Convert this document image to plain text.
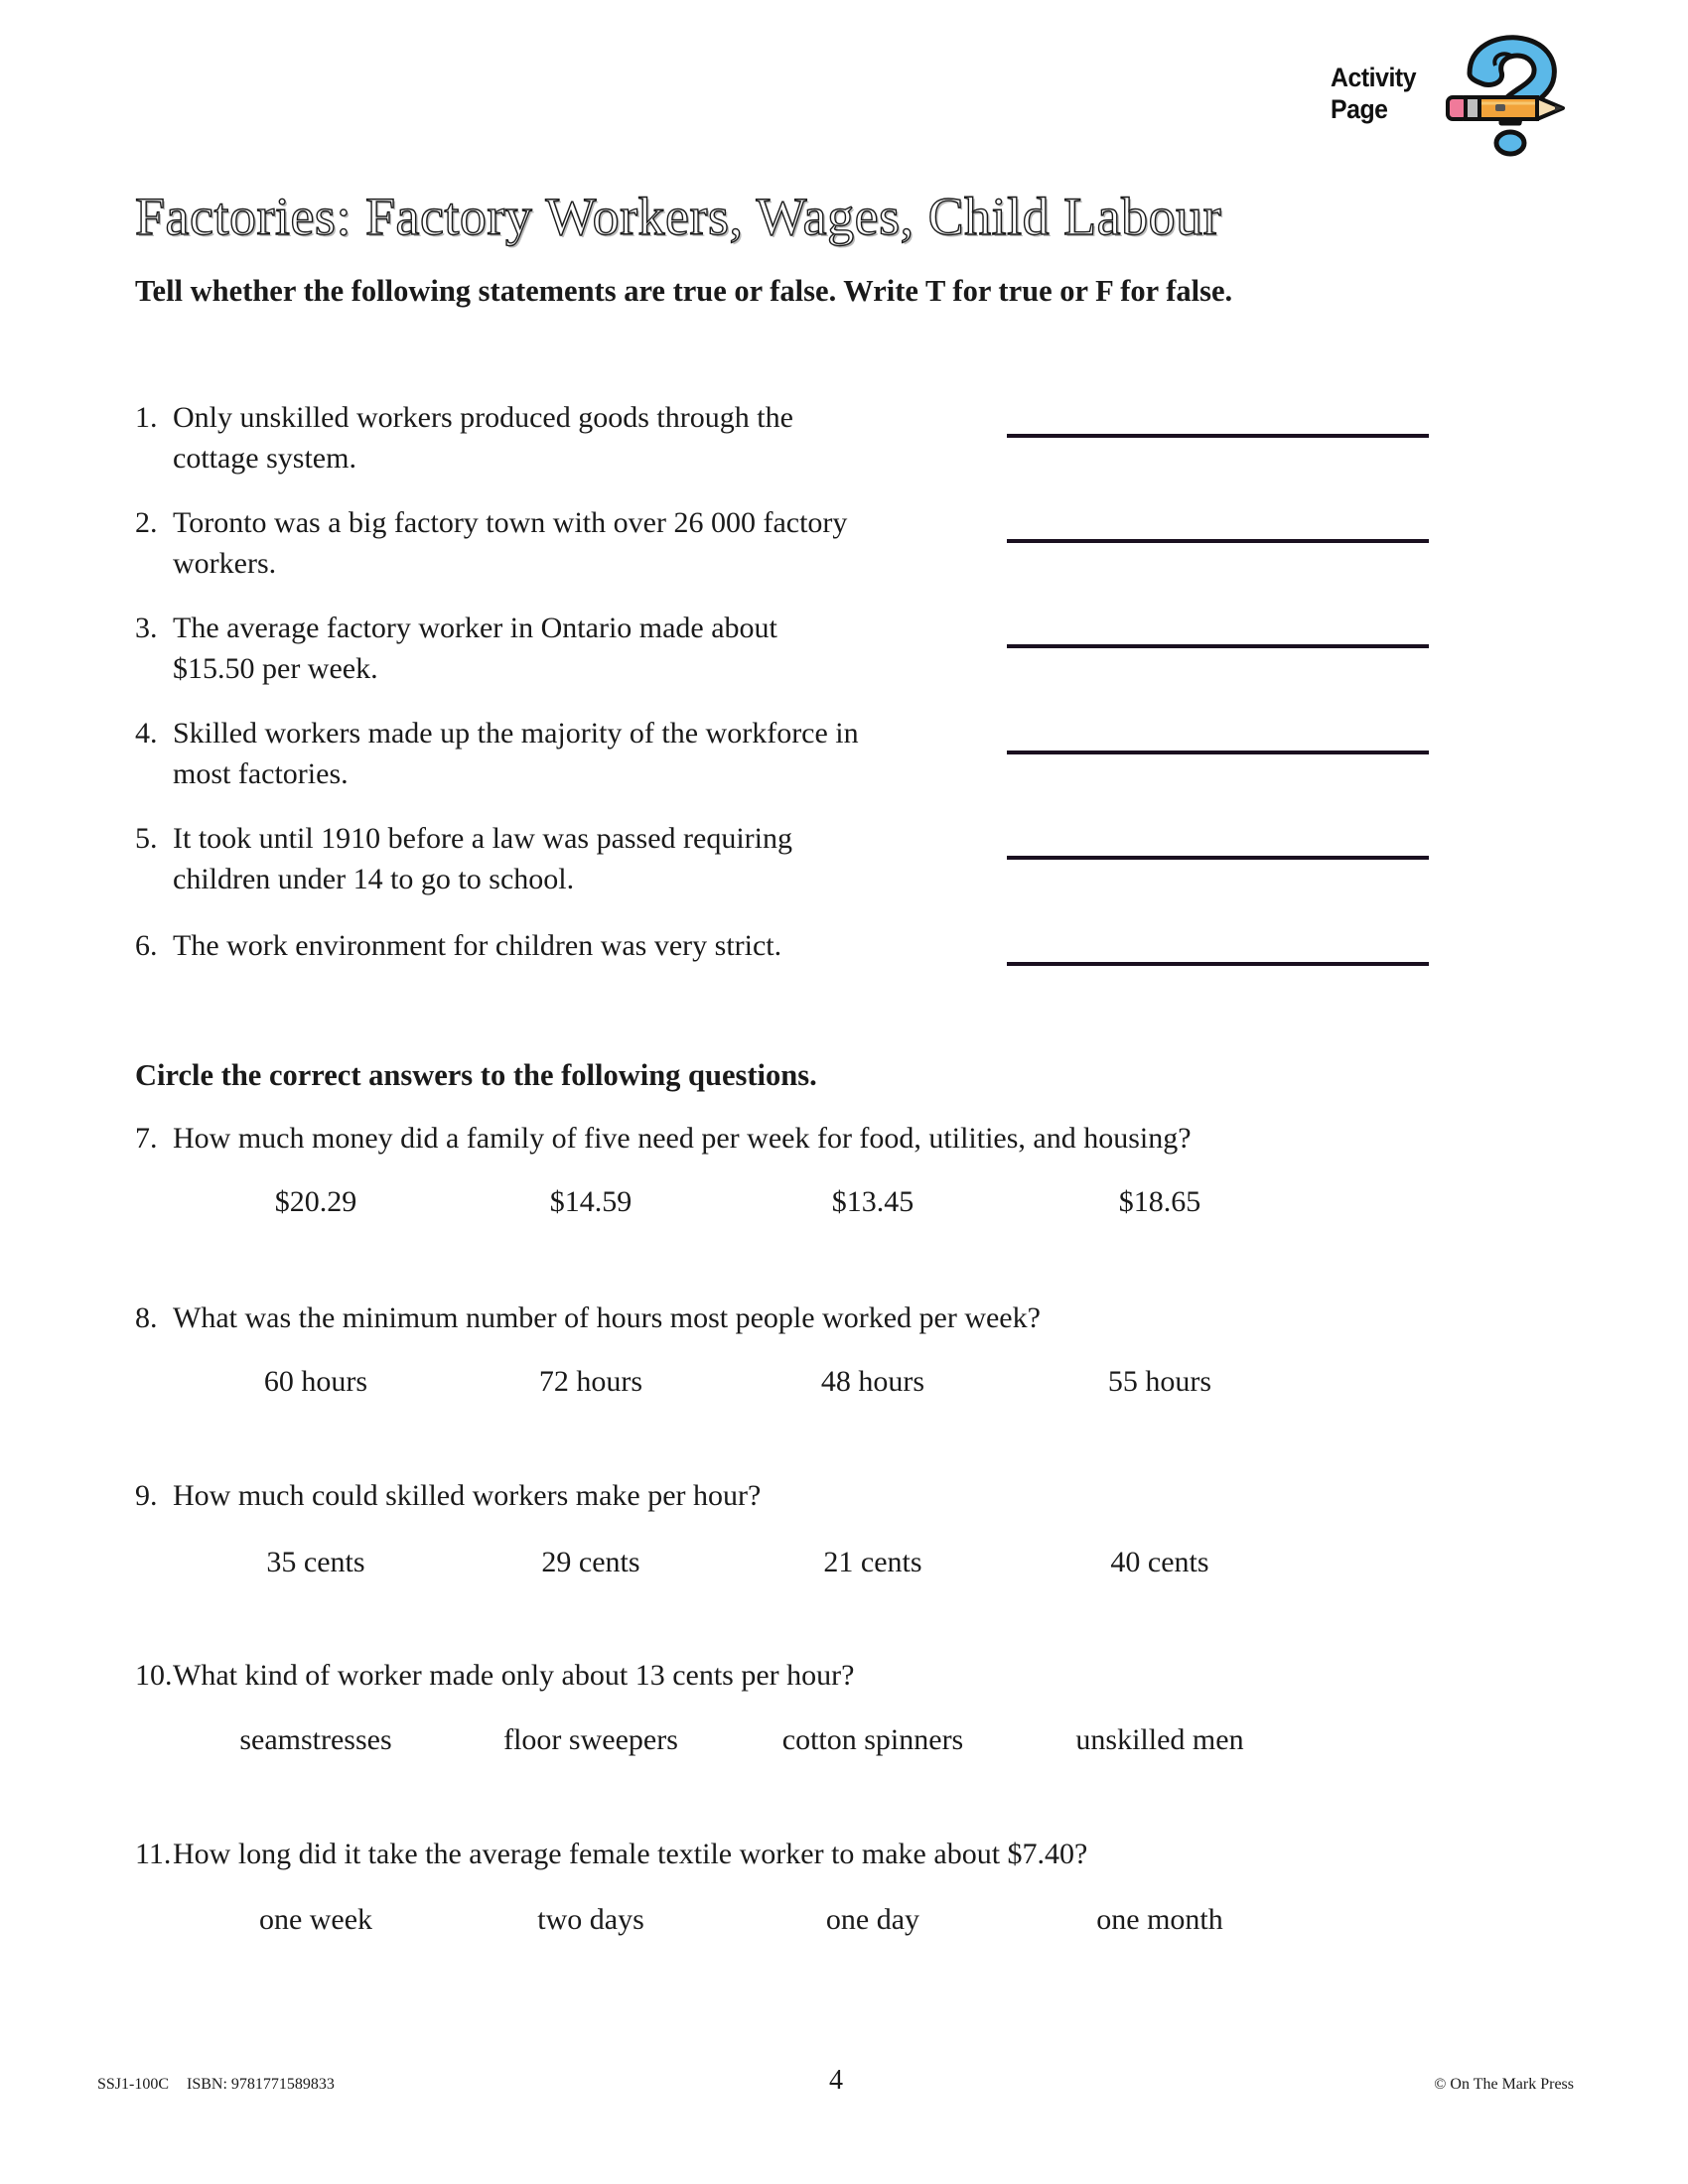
Activity
Page
Factories: Factory Workers, Wages, Child Labour
Tell whether the following statements are true or false. Write T for true or F for false.
1. Only unskilled workers produced goods through the
cottage system.
2. Toronto was a big factory town with over 26 000 factory
workers.
3. The average factory worker in Ontario made about
$15.50 per week.
4. Skilled workers made up the majority of the workforce in
most factories.
5. It took until 1910 before a law was passed requiring
children under 14 to go to school.
6. The work environment for children was very strict.
Circle the correct answers to the following questions.
7. How much money did a family of five need per week for food, utilities, and housing?
$20.29	$14.59	$13.45	$18.65
8. What was the minimum number of hours most people worked per week?
60 hours	72 hours	48 hours	55 hours
9. How much could skilled workers make per hour?
35 cents	29 cents	21 cents	40 cents
10.What kind of worker made only about 13 cents per hour?
seamstresses	floor sweepers	cotton spinners	unskilled men
11.How long did it take the average female textile worker to make about $7.40?
one week	two days	one day	one month
SSJ1-100C ISBN: 9781771589833	4	© On The Mark Press
